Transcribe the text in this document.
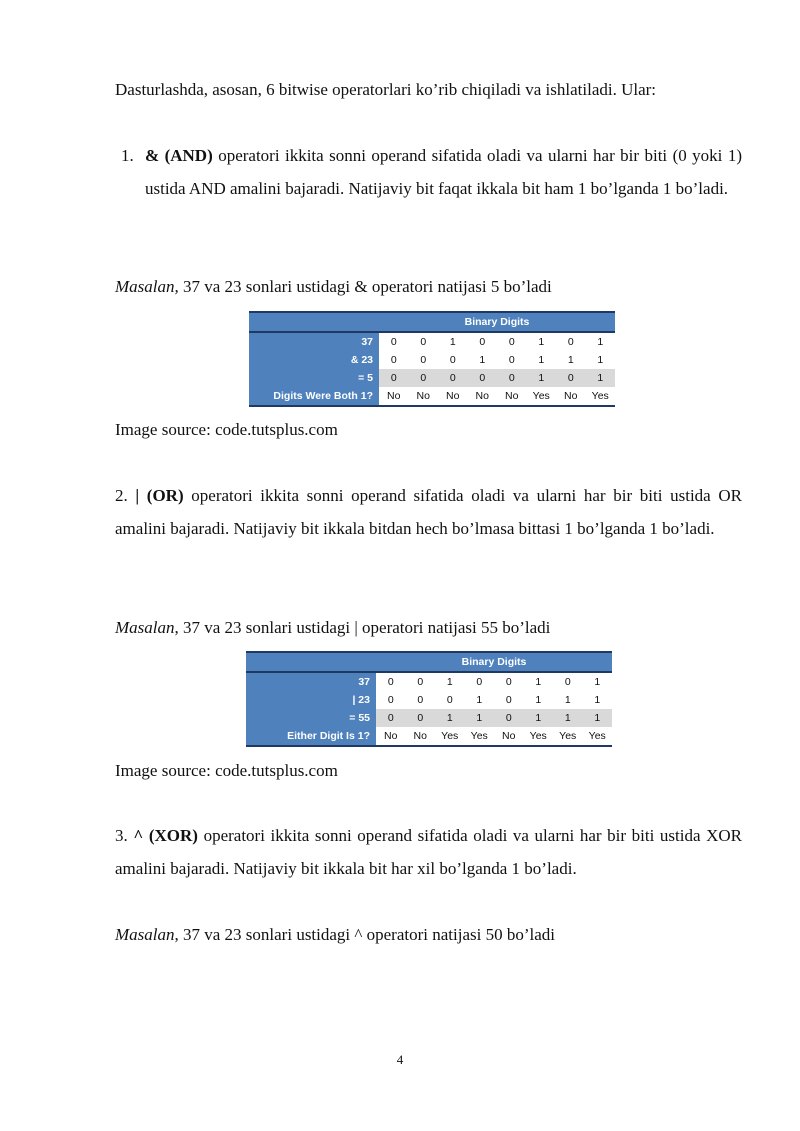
Dasturlashda, asosan, 6 bitwise operatorlari ko’rib chiqiladi va ishlatiladi. Ular:

1. & (AND) operatori ikkita sonni operand sifatida oladi va ularni har bir biti (0 yoki 1) ustida AND amalini bajaradi. Natijaviy bit faqat ikkala bit ham 1 bo’lganda 1 bo’ladi.

Masalan, 37 va 23 sonlari ustidagi & operatori natijasi 5 bo’ladi

	Binary Digits							
37	0	0	1	0	0	1	0	1
& 23	0	0	0	1	0	1	1	1
= 5	0	0	0	0	0	1	0	1
Digits Were Both 1?	No	No	No	No	No	Yes	No	Yes

Image source: code.tutsplus.com

2. | (OR) operatori ikkita sonni operand sifatida oladi va ularni har bir biti ustida OR amalini bajaradi. Natijaviy bit ikkala bitdan hech bo’lmasa bittasi 1 bo’lganda 1 bo’ladi.

Masalan, 37 va 23 sonlari ustidagi | operatori natijasi 55 bo’ladi

	Binary Digits							
37	0	0	1	0	0	1	0	1
| 23	0	0	0	1	0	1	1	1
= 55	0	0	1	1	0	1	1	1
Either Digit Is 1?	No	No	Yes	Yes	No	Yes	Yes	Yes

Image source: code.tutsplus.com

3. ^ (XOR) operatori ikkita sonni operand sifatida oladi va ularni har bir biti ustida XOR amalini bajaradi. Natijaviy bit ikkala bit har xil bo’lganda 1 bo’ladi.

Masalan, 37 va 23 sonlari ustidagi ^ operatori natijasi 50 bo’ladi

4
